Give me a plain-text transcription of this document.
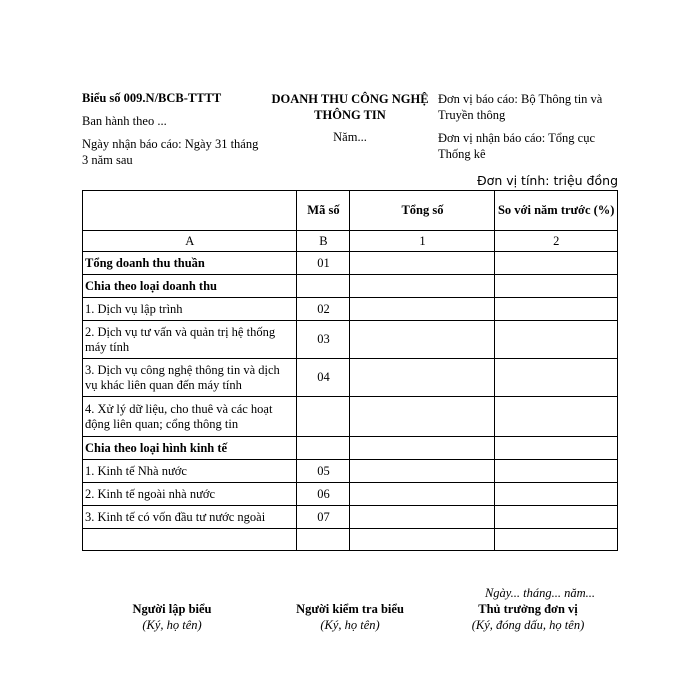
Biểu số 009.N/BCB-TTTT
Ban hành theo ...
Ngày nhận báo cáo: Ngày 31 tháng 3 năm sau
DOANH THU CÔNG NGHỆ THÔNG TIN
Năm...
Đơn vị báo cáo: Bộ Thông tin và Truyền thông
Đơn vị nhận báo cáo: Tổng cục Thống kê
Đơn vị tính: triệu đồng
	Mã số	Tổng số	So với năm trước (%)
A	B	1	2
Tổng doanh thu thuần	01		
Chia theo loại doanh thu			
1. Dịch vụ lập trình	02		
2. Dịch vụ tư vấn và quản trị hệ thống máy tính	03		
3. Dịch vụ công nghệ thông tin và dịch vụ khác liên quan đến máy tính	04		
4. Xử lý dữ liệu, cho thuê và các hoạt động liên quan; cổng thông tin			
Chia theo loại hình kinh tế			
1. Kinh tế Nhà nước	05		
2. Kinh tế ngoài nhà nước	06		
3. Kinh tế có vốn đầu tư nước ngoài	07		

Ngày... tháng... năm...
Người lập biểu
(Ký, họ tên)
Người kiểm tra biểu
(Ký, họ tên)
Thủ trưởng đơn vị
(Ký, đóng dấu, họ tên)
